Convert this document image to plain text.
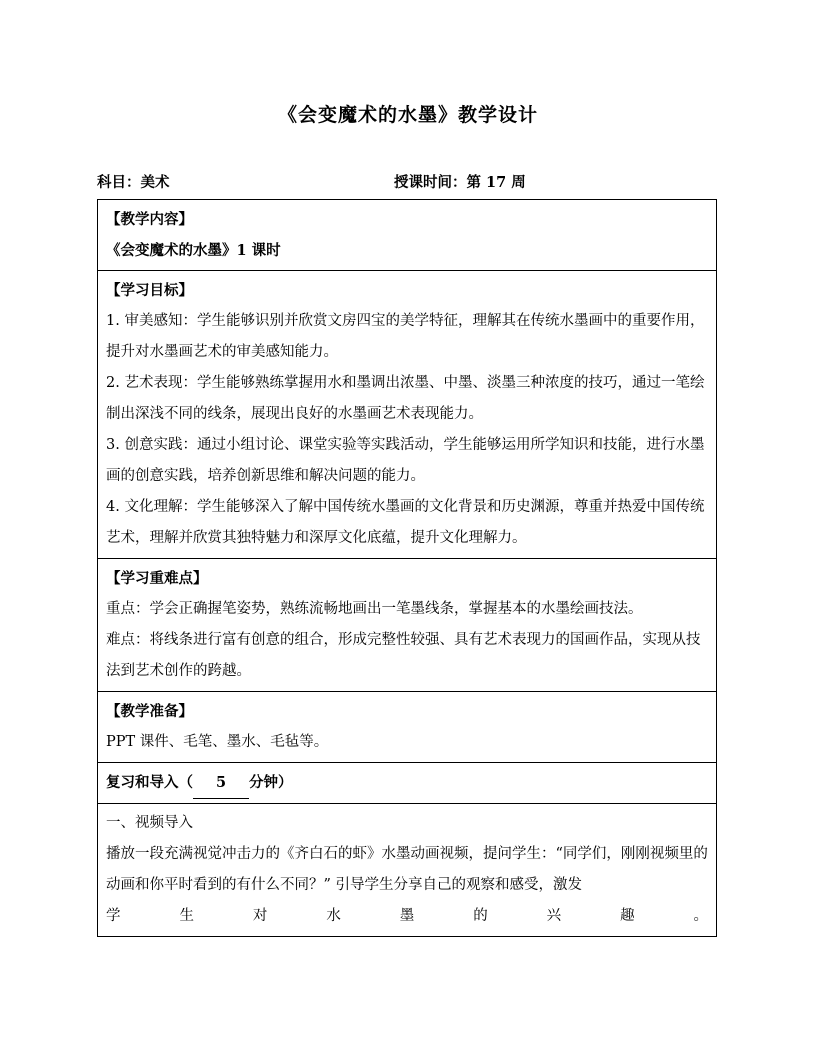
《会变魔术的水墨》教学设计
科目：美术	授课时间：第 17 周
【教学内容】
《会变魔术的水墨》1 课时

【学习目标】
1. 审美感知：学生能够识别并欣赏文房四宝的美学特征，理解其在传统水墨画中的重要作用，提升对水墨画艺术的审美感知能力。
2. 艺术表现：学生能够熟练掌握用水和墨调出浓墨、中墨、淡墨三种浓度的技巧，通过一笔绘制出深浅不同的线条，展现出良好的水墨画艺术表现能力。
3. 创意实践：通过小组讨论、课堂实验等实践活动，学生能够运用所学知识和技能，进行水墨画的创意实践，培养创新思维和解决问题的能力。
4. 文化理解：学生能够深入了解中国传统水墨画的文化背景和历史渊源，尊重并热爱中国传统艺术，理解并欣赏其独特魅力和深厚文化底蕴，提升文化理解力。

【学习重难点】
重点：学会正确握笔姿势，熟练流畅地画出一笔墨线条，掌握基本的水墨绘画技法。
难点：将线条进行富有创意的组合，形成完整性较强、具有艺术表现力的国画作品，实现从技法到艺术创作的跨越。

【教学准备】
PPT 课件、毛笔、墨水、毛毡等。

复习和导入（ 5 分钟）

一、视频导入
播放一段充满视觉冲击力的《齐白石的虾》水墨动画视频，提问学生：“同学们，刚刚视频里的动画和你平时看到的有什么不同？” 引导学生分享自己的观察和感受，激发
学	生	对	水	墨	的	兴	趣	。
